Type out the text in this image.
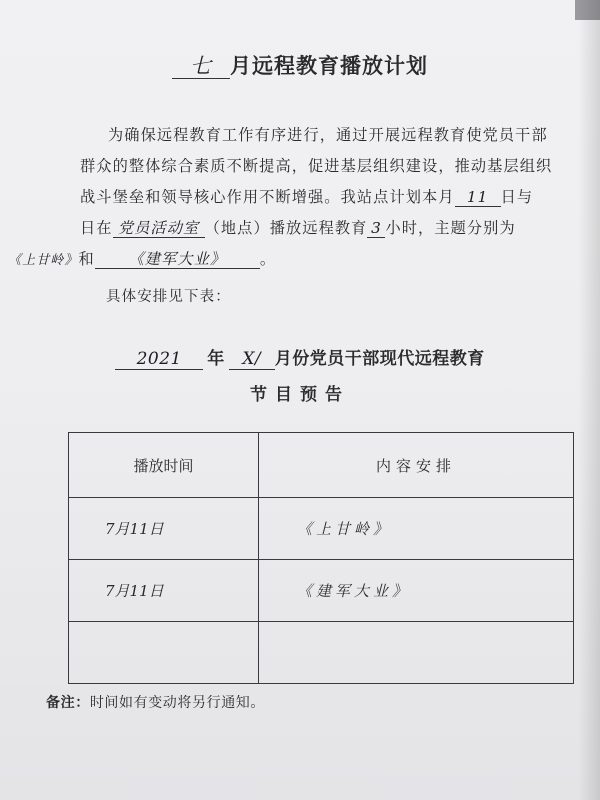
七 月远程教育播放计划
为确保远程教育工作有序进行，通过开展远程教育使党员干部
群众的整体综合素质不断提高，促进基层组织建设，推动基层组织
战斗堡垒和领导核心作用不断增强。我站点计划本月 11 日与
日在 党员活动室 （地点）播放远程教育 3 小时，主题分别为
《上甘岭》和 《建军大业》 。
具体安排见下表：
2021 年 X/ 月份党员干部现代远程教育
节目预告
播放时间	内容安排
7月11日	《上甘岭》
7月11日	《建军大业》

备注：时间如有变动将另行通知。
